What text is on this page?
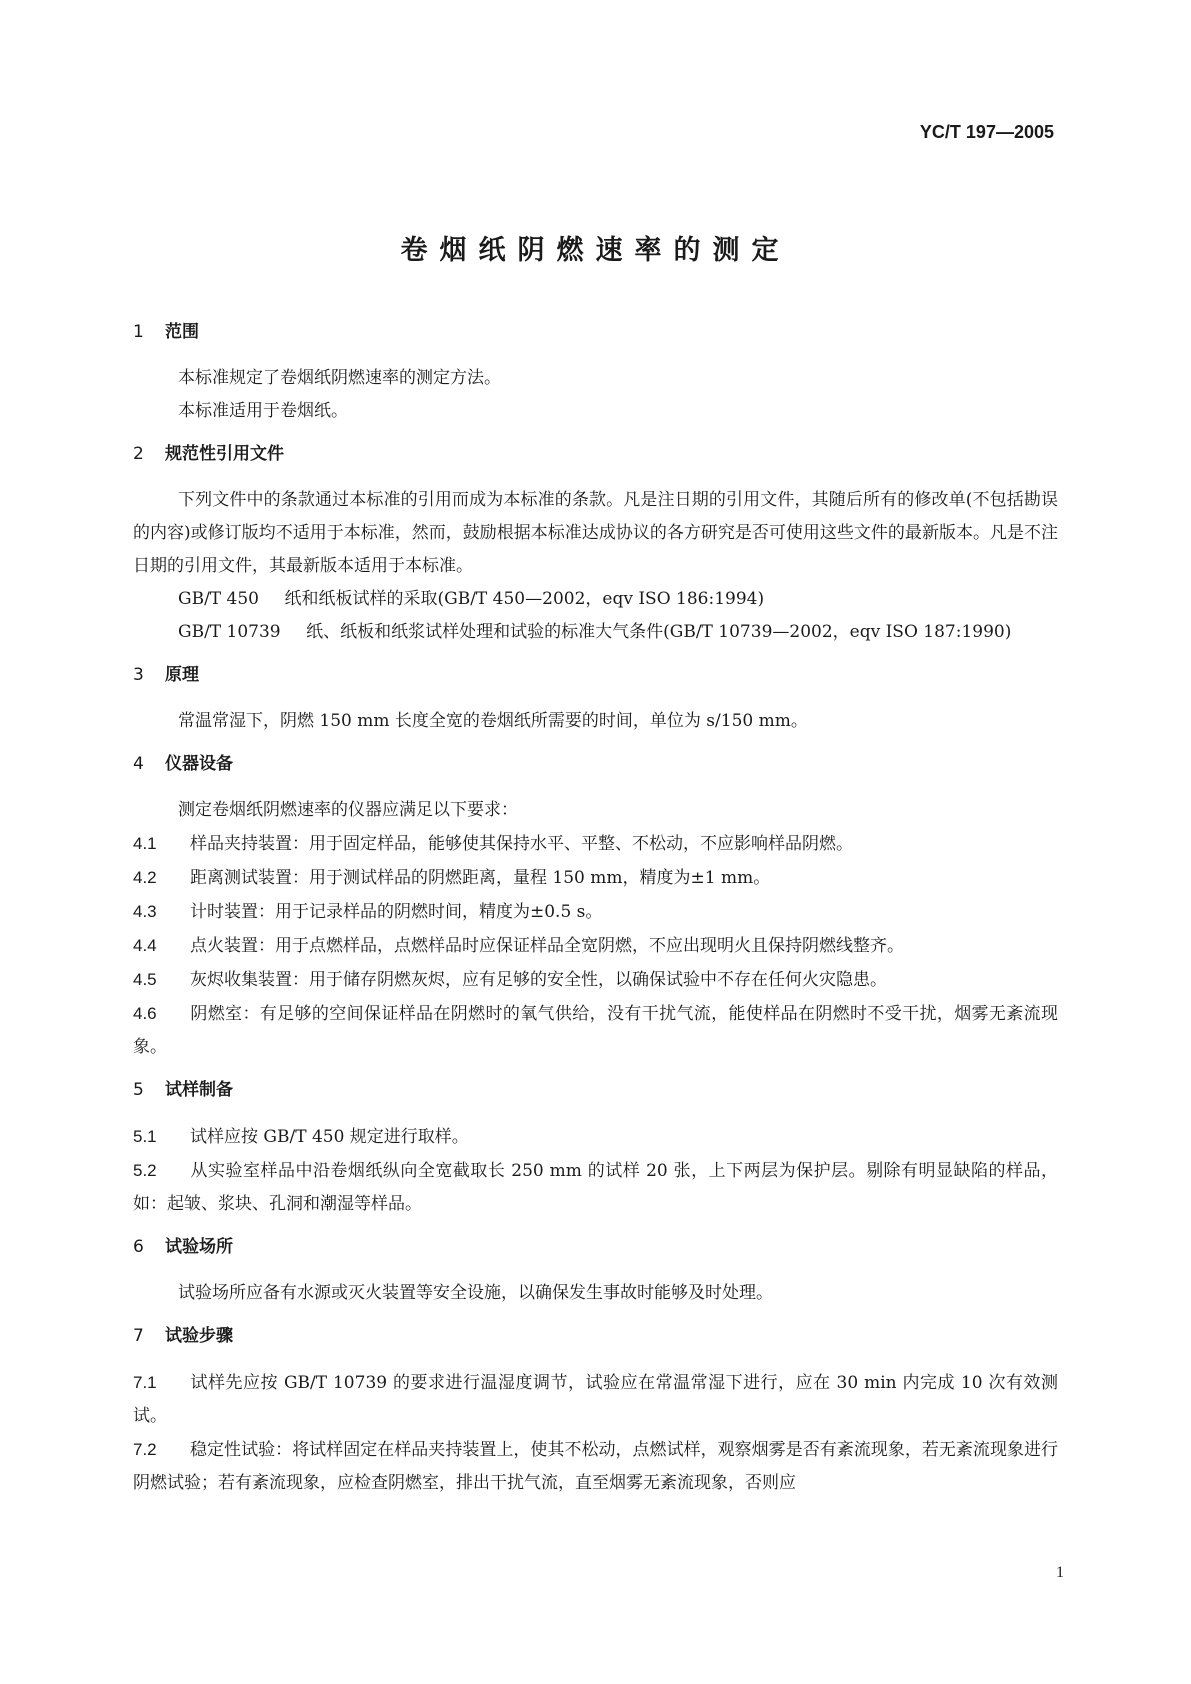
YC/T 197—2005
卷烟纸阴燃速率的测定
1 范围

本标准规定了卷烟纸阴燃速率的测定方法。

本标准适用于卷烟纸。

2 规范性引用文件

下列文件中的条款通过本标准的引用而成为本标准的条款。凡是注日期的引用文件，其随后所有的修改单(不包括勘误的内容)或修订版均不适用于本标准，然而，鼓励根据本标准达成协议的各方研究是否可使用这些文件的最新版本。凡是不注日期的引用文件，其最新版本适用于本标准。

GB/T 450   纸和纸板试样的采取(GB/T 450—2002，eqv ISO 186:1994)

GB/T 10739   纸、纸板和纸浆试样处理和试验的标准大气条件(GB/T 10739—2002，eqv ISO 187:1990)

3 原理

常温常湿下，阴燃 150 mm 长度全宽的卷烟纸所需要的时间，单位为 s/150 mm。

4 仪器设备

测定卷烟纸阴燃速率的仪器应满足以下要求：

4.1 样品夹持装置：用于固定样品，能够使其保持水平、平整、不松动，不应影响样品阴燃。

4.2 距离测试装置：用于测试样品的阴燃距离，量程 150 mm，精度为±1 mm。

4.3 计时装置：用于记录样品的阴燃时间，精度为±0.5 s。

4.4 点火装置：用于点燃样品，点燃样品时应保证样品全宽阴燃，不应出现明火且保持阴燃线整齐。

4.5 灰烬收集装置：用于储存阴燃灰烬，应有足够的安全性，以确保试验中不存在任何火灾隐患。

4.6 阴燃室：有足够的空间保证样品在阴燃时的氧气供给，没有干扰气流，能使样品在阴燃时不受干扰，烟雾无紊流现象。

5 试样制备

5.1 试样应按 GB/T 450 规定进行取样。

5.2 从实验室样品中沿卷烟纸纵向全宽截取长 250 mm 的试样 20 张，上下两层为保护层。剔除有明显缺陷的样品，如：起皱、浆块、孔洞和潮湿等样品。

6 试验场所

试验场所应备有水源或灭火装置等安全设施，以确保发生事故时能够及时处理。

7 试验步骤

7.1 试样先应按 GB/T 10739 的要求进行温湿度调节，试验应在常温常湿下进行，应在 30 min 内完成 10 次有效测试。

7.2 稳定性试验：将试样固定在样品夹持装置上，使其不松动，点燃试样，观察烟雾是否有紊流现象，若无紊流现象进行阴燃试验；若有紊流现象，应检查阴燃室，排出干扰气流，直至烟雾无紊流现象，否则应

1
